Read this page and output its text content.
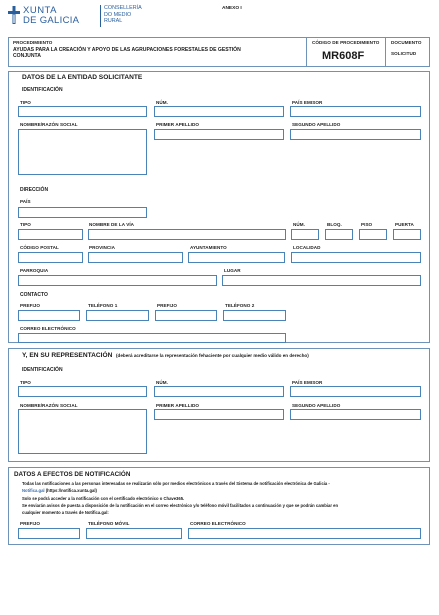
XUNTA
DE GALICIA
CONSELLERÍA
DO MEDIO
RURAL
ANEXO I
PROCEDIMIENTO
AYUDAS PARA LA CREACIÓN Y APOYO DE LAS AGRUPACIONES FORESTALES DE GESTIÓN
CONJUNTA
CÓDIGO DE PROCEDIMIENTO
MR608F
DOCUMENTO
SOLICITUD
DATOS DE LA ENTIDAD SOLICITANTE
IDENTIFICACIÓN
TIPO	NÚM.	PAÍS EMISOR
NOMBRE/RAZÓN SOCIAL	PRIMER APELLIDO	SEGUNDO APELLIDO
DIRECCIÓN
PAÍS
TIPO	NOMBRE DE LA VÍA	NÚM.	BLOQ.	PISO	PUERTA
CÓDIGO POSTAL	PROVINCIA	AYUNTAMIENTO	LOCALIDAD
PARROQUIA	LUGAR
CONTACTO
PREFIJO	TELÉFONO 1	PREFIJO	TELÉFONO 2
CORREO ELECTRÓNICO
Y, EN SU REPRESENTACIÓN (deberá acreditarse la representación fehaciente por cualquier medio válido en derecho)
IDENTIFICACIÓN
TIPO	NÚM.	PAÍS EMISOR
NOMBRE/RAZÓN SOCIAL	PRIMER APELLIDO	SEGUNDO APELLIDO
DATOS A EFECTOS DE NOTIFICACIÓN
Todas las notificaciones a las personas interesadas se realizarán sólo por medios electrónicos a través del Sistema de notificación electrónica de Galicia -
Notifica.gal (https://notifica.xunta.gal)
Solo se podrá acceder a la notificación con el certificado electrónico o Chave365.
Se enviarán avisos de puesta a disposición de la notificación en el correo electrónico y/o teléfono móvil facilitados a continuación y que se podrán cambiar en
cualquier momento a través de Notifica.gal:
PREFIJO	TELÉFONO MÓVIL	CORREO ELECTRÓNICO
